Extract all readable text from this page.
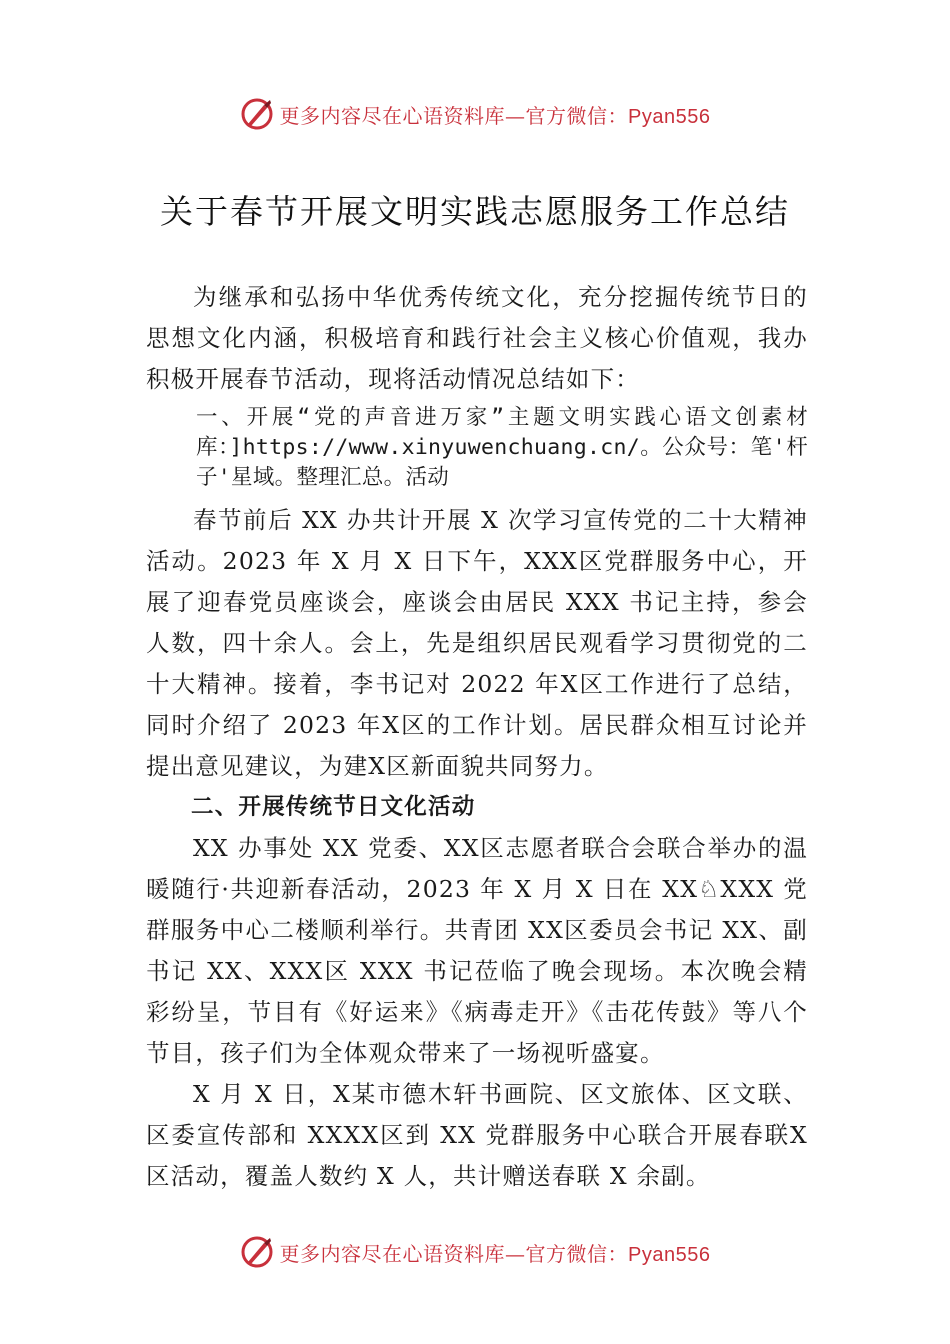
更多内容尽在心语资料库—官方微信：Pyan556
关于春节开展文明实践志愿服务工作总结

为继承和弘扬中华优秀传统文化，充分挖掘传统节日的思想文化内涵，积极培育和践行社会主义核心价值观，我办积极开展春节活动，现将活动情况总结如下：

一、开展“党的声音进万家”主题文明实践心语文创素材库：]https://www.xinyuwenchuang.cn/。公众号：笔'杆子'星域。整理汇总。活动

春节前后 XX 办共计开展 X 次学习宣传党的二十大精神活动。2023 年 X 月 X 日下午，XXX区党群服务中心，开展了迎春党员座谈会，座谈会由居民 XXX 书记主持，参会人数，四十余人。会上，先是组织居民观看学习贯彻党的二十大精神。接着，李书记对 2022 年X区工作进行了总结，同时介绍了 2023 年X区的工作计划。居民群众相互讨论并提出意见建议，为建X区新面貌共同努力。

二、开展传统节日文化活动

XX 办事处 XX 党委、XX区志愿者联合会联合举办的温暖随行·共迎新春活动，2023 年 X 月 X 日在 XX♘XXX 党群服务中心二楼顺利举行。共青团 XX区委员会书记 XX、副书记 XX、XXX区 XXX 书记莅临了晚会现场。本次晚会精彩纷呈，节目有《好运来》《病毒走开》《击花传鼓》等八个节目，孩子们为全体观众带来了一场视听盛宴。

X 月 X 日，X某市德木轩书画院、区文旅体、区文联、区委宣传部和 XXXX区到 XX 党群服务中心联合开展春联X区活动，覆盖人数约 X 人，共计赠送春联 X 余副。

更多内容尽在心语资料库—官方微信：Pyan556
